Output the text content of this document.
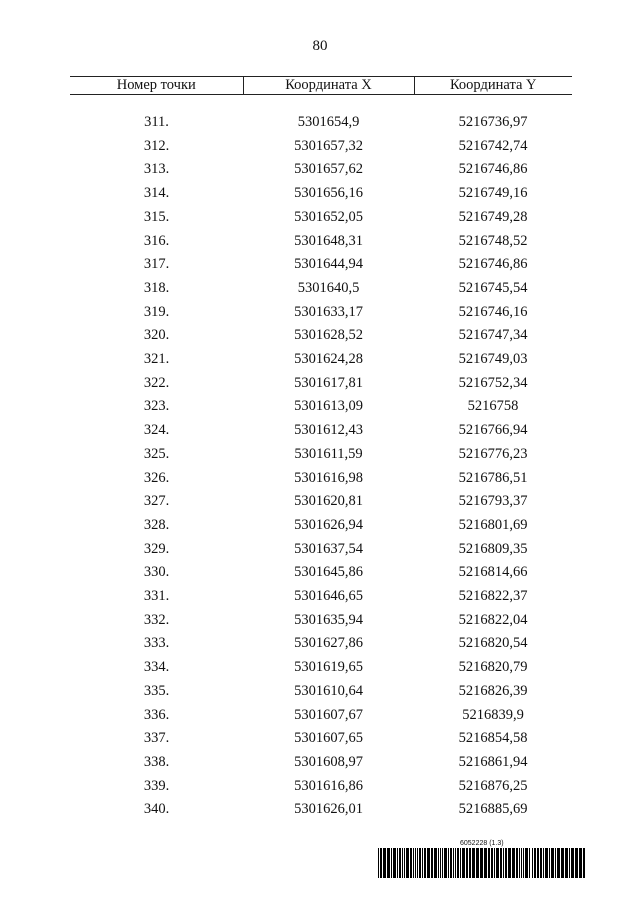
80
Номер точки	Координата X	Координата Y

311.	5301654,9	5216736,97
312.	5301657,32	5216742,74
313.	5301657,62	5216746,86
314.	5301656,16	5216749,16
315.	5301652,05	5216749,28
316.	5301648,31	5216748,52
317.	5301644,94	5216746,86
318.	5301640,5	5216745,54
319.	5301633,17	5216746,16
320.	5301628,52	5216747,34
321.	5301624,28	5216749,03
322.	5301617,81	5216752,34
323.	5301613,09	5216758
324.	5301612,43	5216766,94
325.	5301611,59	5216776,23
326.	5301616,98	5216786,51
327.	5301620,81	5216793,37
328.	5301626,94	5216801,69
329.	5301637,54	5216809,35
330.	5301645,86	5216814,66
331.	5301646,65	5216822,37
332.	5301635,94	5216822,04
333.	5301627,86	5216820,54
334.	5301619,65	5216820,79
335.	5301610,64	5216826,39
336.	5301607,67	5216839,9
337.	5301607,65	5216854,58
338.	5301608,97	5216861,94
339.	5301616,86	5216876,25
340.	5301626,01	5216885,69
6052228 (1.3)
